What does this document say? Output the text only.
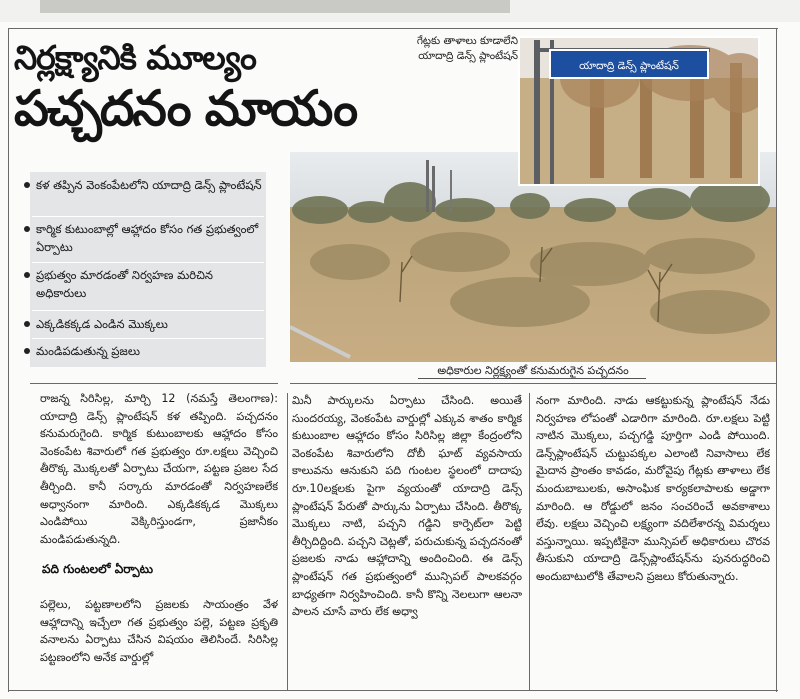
నిర్లక్ష్యానికి మూల్యం
పచ్చదనం మాయం
గేట్లకు తాళాలు కూడాలేని
యాదాద్రి డెన్స్ ప్లాంటేషన్
యాదాద్రి డెన్స్ ప్లాంటేషన్
అధికారుల నిర్లక్ష్యంతో కనుమరుగైన పచ్చదనం
కళ తప్పిన వెంకంపేటలోని యాదాద్రి డెన్స్ ప్లాంటేషన్
కార్మిక కుటుంబాల్లో ఆహ్లాదం కోసం గత ప్రభుత్వంలో ఏర్పాటు
ప్రభుత్వం మారడంతో నిర్వహణ మరిచిన అధికారులు
ఎక్కడికక్కడ ఎండిన మొక్కలు
మండిపడుతున్న ప్రజలు

రాజన్న సిరిసిల్ల, మార్చి 12 (నమస్తే తెలంగాణ): యాదాద్రి డెన్స్ ప్లాంటేషన్ కళ తప్పింది. పచ్చదనం కనుమరుగైంది. కార్మిక కుటుంబాలకు ఆహ్లాదం కోసం వెంకంపేట శివారులో గత ప్రభుత్వం రూ.లక్షలు వెచ్చించి తీరొక్క మొక్కలతో ఏర్పాటు చేయగా, పట్టణ ప్రజల సేద తీర్చింది. కానీ సర్కారు మారడంతో నిర్వహణలేక అధ్వానంగా మారింది. ఎక్కడికక్కడ మొక్కలు ఎండిపోయి వెక్కిరిస్తుండగా, ప్రజానీకం మండిపడుతున్నది.

పది గుంటలలో ఏర్పాటు

పల్లెలు, పట్టణాలలోని ప్రజలకు సాయంత్రం వేళ ఆహ్లాదాన్ని ఇచ్చేలా గత ప్రభుత్వం పల్లె, పట్టణ ప్రకృతి వనాలను ఏర్పాటు చేసిన విషయం తెలిసిందే. సిరిసిల్ల పట్టణంలోని అనేక వార్డుల్లో

మినీ పార్కులను ఏర్పాటు చేసింది. అయితే సుందరయ్య, వెంకంపేట వార్డుల్లో ఎక్కువ శాతం కార్మిక కుటుంబాల ఆహ్లాదం కోసం సిరిసిల్ల జిల్లా కేంద్రంలోని వెంకంపేట శివారులోని దోబీ ఘాట్ వ్యవసాయ కాలువను ఆనుకుని పది గుంటల స్థలంలో దాదాపు రూ.10లక్షలకు పైగా వ్యయంతో యాదాద్రి డెన్స్ ప్లాంటేషన్ పేరుతో పార్కును ఏర్పాటు చేసింది. తీరొక్క మొక్కలు నాటి, పచ్చని గడ్డిని కార్పెట్‌లా పెట్టి తీర్చిదిద్దింది. పచ్చని చెట్లతో, పరుచుకున్న పచ్చదనంతో ప్రజలకు నాడు ఆహ్లాదాన్ని అందించింది. ఈ డెన్స్ ప్లాంటేషన్ గత ప్రభుత్వంలో మున్సిపల్ పాలకవర్గం బాధ్యతగా నిర్వహించింది. కానీ కొన్ని నెలలుగా ఆలనా పాలన చూసే వారు లేక అధ్వా

నంగా మారింది. నాడు ఆకట్టుకున్న ప్లాంటేషన్ నేడు నిర్వహణ లోపంతో ఎడారిగా మారింది. రూ.లక్షలు పెట్టి నాటిన మొక్కలు, పచ్చగడ్డి పూర్తిగా ఎండి పోయింది. డెన్స్‌ప్లాంటేషన్ చుట్టుపక్కల ఎలాంటి నివాసాలు లేక మైదాన ప్రాంతం కావడం, మరోవైపు గేట్లకు తాళాలు లేక మందుబాబులకు, అసాంఘిక కార్యకలాపాలకు అడ్డాగా మారింది. ఆ రోడ్డులో జనం సంచరించే అవకాశాలు లేవు. లక్షలు వెచ్చించి లక్ష్యంగా వదిలేశారన్న విమర్శలు వస్తున్నాయి. ఇప్పటికైనా మున్సిపల్ అధికారులు చొరవ తీసుకుని యాదాద్రి డెన్స్‌ప్లాంటేషన్‌ను పునరుద్ధరించి అందుబాటులోకి తేవాలని ప్రజలు కోరుతున్నారు.
